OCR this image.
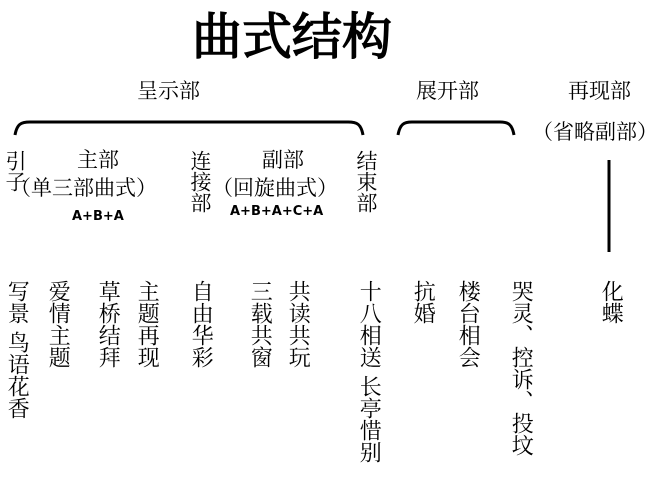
曲式结构
呈示部	展开部	再现部
（省略副部）
引子 主部
（单三部曲式）
A+B+A
连接部 副部
（回旋曲式）
A+B+A+C+A 结束部
写景 鸟语花香 爱情主题 草桥结拜 主题再现 自由华彩 三载共窗 共读共玩 十八相送 长亭惜别 抗婚 楼台相会 哭灵、控诉、投坟	化蝶
